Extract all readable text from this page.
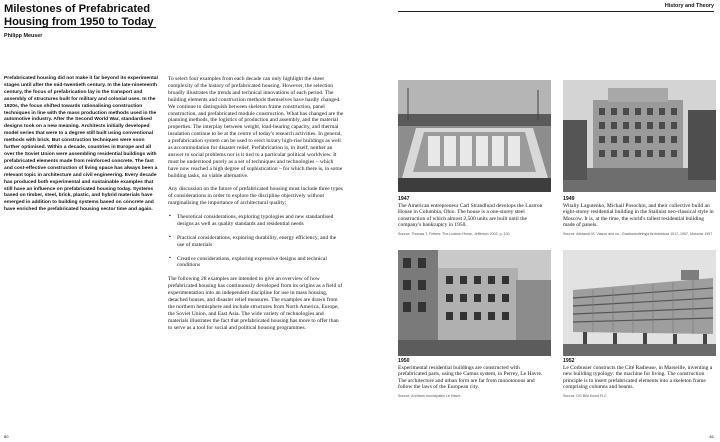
Milestones of Prefabricated Housing from 1950 to Today
Philipp Meuser
History and Theory

Prefabricated housing did not make it far beyond its experimental stages until after the mid-twentieth century. In the late-nineteenth century, the focus of prefabrication lay in the transport and assembly of structures built for military and colonial uses. In the 1920s, the focus shifted towards rationalising construction techniques in line with the mass production methods used in the automotive industry. After the Second World War, standardised designs took on a new meaning. Architects initially developed model series that were to a degree still built using conventional methods with brick. But construction techniques were soon further optimised. Within a decade, countries in Europe and all over the Soviet Union were assembling residential buildings with prefabricated elements made from reinforced concrete. The fast and cost-effective construction of living space has always been a relevant topic in architecture and civil engineering. Every decade has produced both experimental and sustainable examples that still have an influence on prefabricated housing today. Systems based on timber, steel, brick, plastic, and hybrid materials have emerged in addition to building systems based on concrete and have enriched the prefabricated housing sector time and again.

To select four examples from each decade can only highlight the sheer complexity of the history of prefabricated housing. However, the selection broadly illustrates the trends and technical innovations of each period. The building elements and construction methods themselves have hardly changed. We continue to distinguish between skeleton frame construction, panel construction, and prefabricated module construction. What has changed are the planning methods, the logistics of production and assembly, and the material properties. The interplay between weight, load-bearing capacity, and thermal insulation continue to be at the centre of today's research activities. In general, a prefabrication system can be used to erect luxury high-rise buildings as well as accommodation for disaster relief. Prefabrication is, in itself, neither an answer to social problems nor is it tied to a particular political worldview. It must be understood purely as a set of techniques and technologies – which have now reached a high degree of sophistication – for which there is, in some building tasks, no viable alternative.

Any discussion on the future of prefabricated housing must include three types of considerations in order to explore the discipline objectively without marginalising the importance of architectural quality:

▪ Theoretical considerations, exploring typologies and new standardised designs as well as quality standards and residential needs
▪ Practical considerations, exploring durability, energy efficiency, and the use of materials
▪ Creative considerations, exploring expressive designs and technical conditions

The following 28 examples are intended to give an overview of how prefabricated housing has continuously developed from its origins as a field of experimentation into an independent discipline for use in mass housing, detached houses, and disaster relief measures. The examples are drawn from the northern hemisphere and include structures from North America, Europe, the Soviet Union, and East Asia. The wide variety of technologies and materials illustrates the fact that prefabricated housing has more to offer than to serve as a tool for social and political housing programmes.

1947
The American entrepreneur Carl Strandlund develops the Lustron House in Columbia, Ohio. The house is a one-storey steel construction of which almost 2,500 units are built until the company's bankruptcy in 1950.
Source: Thomas T. Fetters: The Lustron Home, Jefferson 2002, p. 130
1949
Witaliy Lagutenko, Michail Posochin, and their collective build an eight-storey residential building in the Stalinist neo-classical style in Moscow. It is, at the time, the world's tallest residential building made of panels.
Source: Alexandr M. Vlasov and co., Gradostroitelnyja Architektura 1917–1957, Moscow 1957
1950
Experimental residential buildings are constructed with prefabricated parts, using the Camus system, in Perrey, Le Havre. The architecture and urban form are far from monotonous and follow the laws of the European city.
Source: Archives municipales Le Havre
1952
Le Corbusier constructs the Cité Radieuse, in Marseille, inventing a new building typology: the machine for living. The construction principle is to insert prefabricated elements into a skeleton frame comprising columns and beams.
Source: DG Bild Kunst FLC
80	81
